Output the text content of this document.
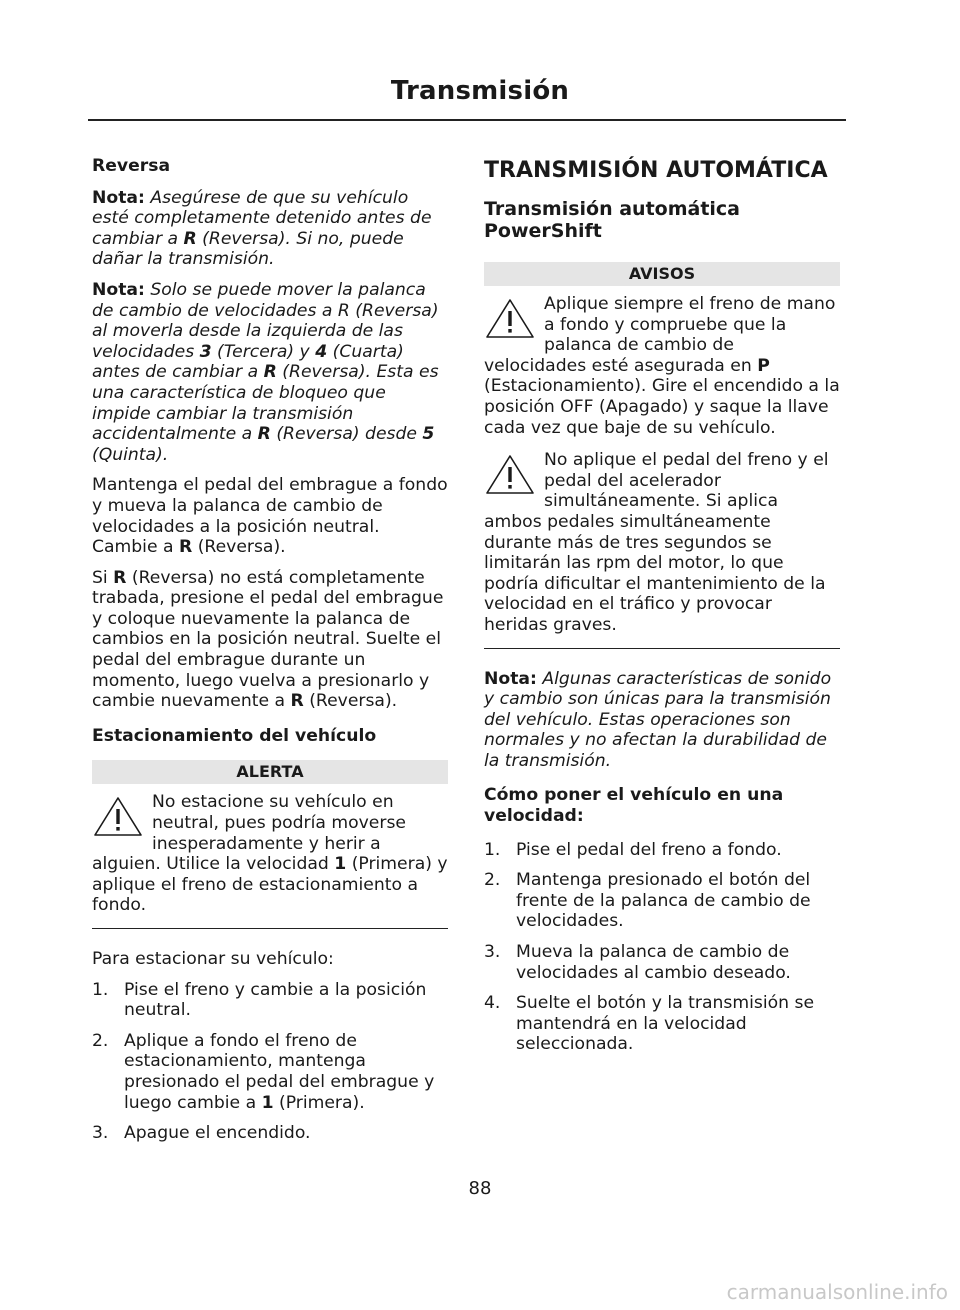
Transmisión
carmanualsonline.info
Reversa

Nota: Asegúrese de que su vehículo esté completamente detenido antes de cambiar a R (Reversa). Si no, puede dañar la transmisión.

Nota: Solo se puede mover la palanca de cambio de velocidades a R (Reversa) al moverla desde la izquierda de las velocidades 3 (Tercera) y 4 (Cuarta) antes de cambiar a R (Reversa). Esta es una característica de bloqueo que impide cambiar la transmisión accidentalmente a R (Reversa) desde 5 (Quinta).

Mantenga el pedal del embrague a fondo y mueva la palanca de cambio de velocidades a la posición neutral. Cambie a R (Reversa).

Si R (Reversa) no está completamente trabada, presione el pedal del embrague y coloque nuevamente la palanca de cambios en la posición neutral. Suelte el pedal del embrague durante un momento, luego vuelva a presionarlo y cambie nuevamente a R (Reversa).

Estacionamiento del vehículo
ALERTA

No estacione su vehículo en neutral, pues podría moverse inesperadamente y herir a alguien. Utilice la velocidad 1 (Primera) y aplique el freno de estacionamiento a fondo.

Para estacionar su vehículo:

1. Pise el freno y cambie a la posición neutral.
2. Aplique a fondo el freno de estacionamiento, mantenga presionado el pedal del embrague y luego cambie a 1 (Primera).
3. Apague el encendido.
TRANSMISIÓN AUTOMÁTICA
Transmisión automática PowerShift
AVISOS

Aplique siempre el freno de mano a fondo y compruebe que la palanca de cambio de velocidades esté asegurada en P (Estacionamiento). Gire el encendido a la posición OFF (Apagado) y saque la llave cada vez que baje de su vehículo.

No aplique el pedal del freno y el pedal del acelerador simultáneamente. Si aplica ambos pedales simultáneamente durante más de tres segundos se limitarán las rpm del motor, lo que podría dificultar el mantenimiento de la velocidad en el tráfico y provocar heridas graves.

Nota: Algunas características de sonido y cambio son únicas para la transmisión del vehículo. Estas operaciones son normales y no afectan la durabilidad de la transmisión.

Cómo poner el vehículo en una velocidad:
1. Pise el pedal del freno a fondo.
2. Mantenga presionado el botón del frente de la palanca de cambio de velocidades.
3. Mueva la palanca de cambio de velocidades al cambio deseado.
4. Suelte el botón y la transmisión se mantendrá en la velocidad seleccionada.
88
